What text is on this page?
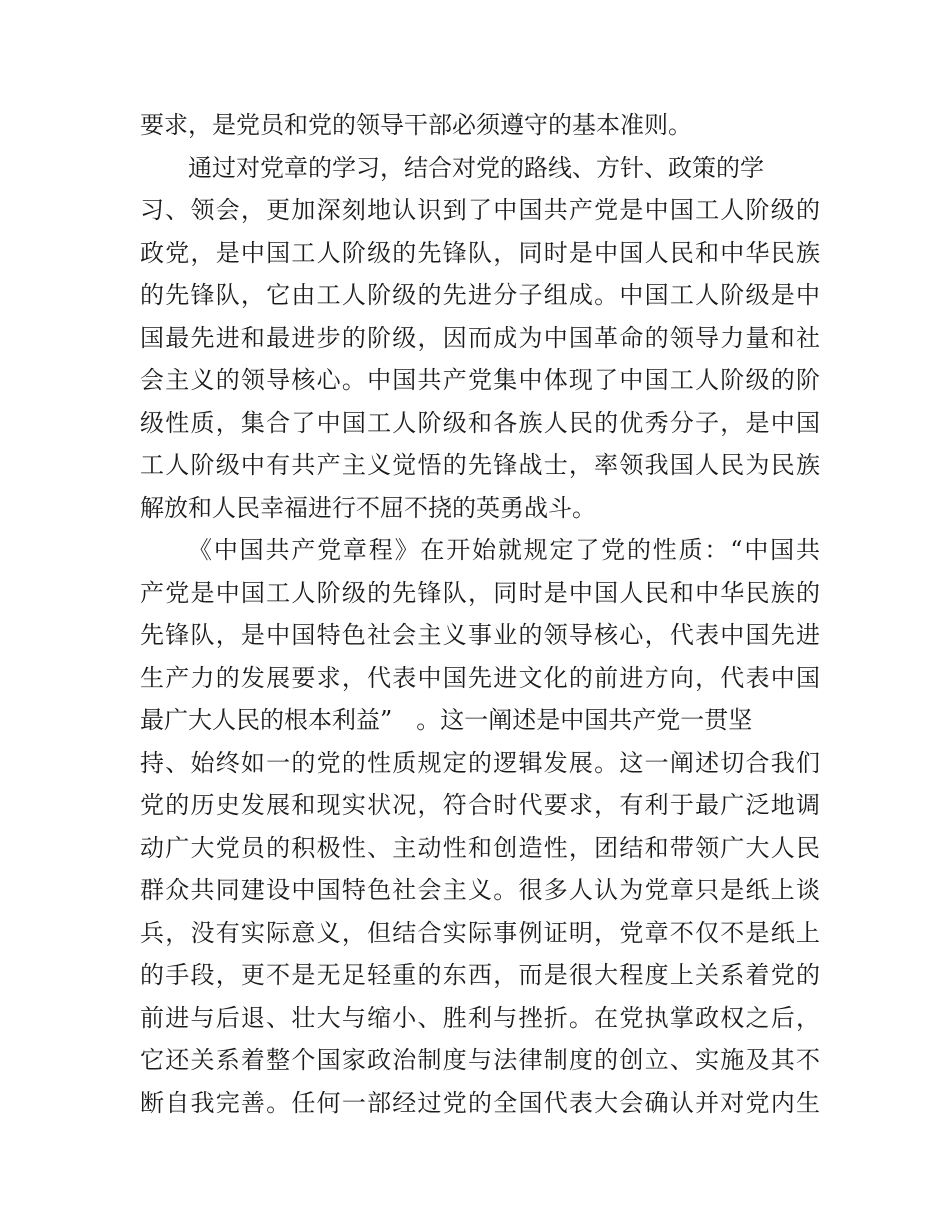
要求，是党员和党的领导干部必须遵守的基本准则。
通过对党章的学习，结合对党的路线、方针、政策的学
习、领会，更加深刻地认识到了中国共产党是中国工人阶级的
政党，是中国工人阶级的先锋队，同时是中国人民和中华民族
的先锋队，它由工人阶级的先进分子组成。中国工人阶级是中
国最先进和最进步的阶级，因而成为中国革命的领导力量和社
会主义的领导核心。中国共产党集中体现了中国工人阶级的阶
级性质，集合了中国工人阶级和各族人民的优秀分子，是中国
工人阶级中有共产主义觉悟的先锋战士，率领我国人民为民族
解放和人民幸福进行不屈不挠的英勇战斗。
《中国共产党章程》在开始就规定了党的性质：“中国共
产党是中国工人阶级的先锋队，同时是中国人民和中华民族的
先锋队，是中国特色社会主义事业的领导核心，代表中国先进
生产力的发展要求，代表中国先进文化的前进方向，代表中国
最广大人民的根本利益”　。这一阐述是中国共产党一贯坚
持、始终如一的党的性质规定的逻辑发展。这一阐述切合我们
党的历史发展和现实状况，符合时代要求，有利于最广泛地调
动广大党员的积极性、主动性和创造性，团结和带领广大人民
群众共同建设中国特色社会主义。很多人认为党章只是纸上谈
兵，没有实际意义，但结合实际事例证明，党章不仅不是纸上
的手段，更不是无足轻重的东西，而是很大程度上关系着党的
前进与后退、壮大与缩小、胜利与挫折。在党执掌政权之后，
它还关系着整个国家政治制度与法律制度的创立、实施及其不
断自我完善。任何一部经过党的全国代表大会确认并对党内生
